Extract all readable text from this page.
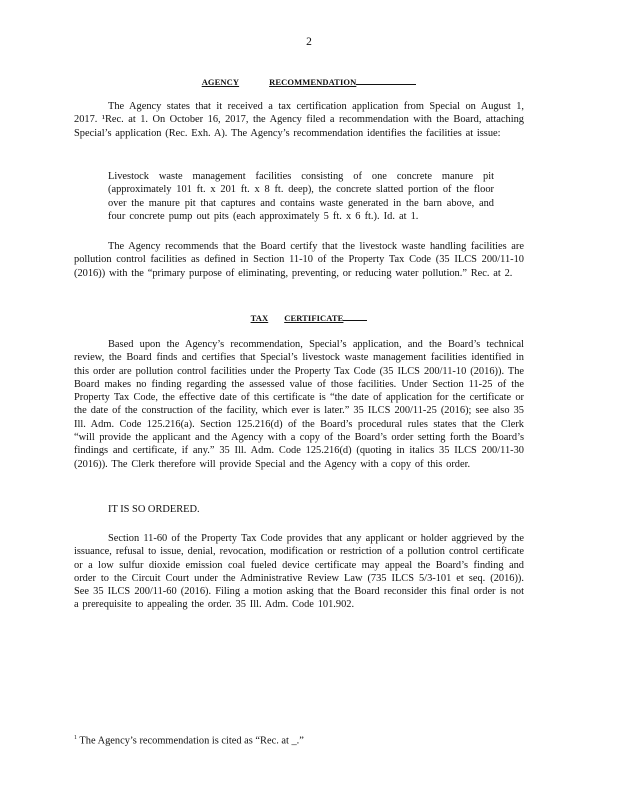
2
AGENCY	RECOMMENDATION

The Agency states that it received a tax certification application from Special on August 1, 2017. ¹Rec. at 1. On October 16, 2017, the Agency filed a recommendation with the Board, attaching Special’s application (Rec. Exh. A). The Agency’s recommendation identifies the facilities at issue:

Livestock waste management facilities consisting of one concrete manure pit (approximately 101 ft. x 201 ft. x 8 ft. deep), the concrete slatted portion of the floor over the manure pit that captures and contains waste generated in the barn above, and four concrete pump out pits (each approximately 5 ft. x 6 ft.). Id. at 1.

The Agency recommends that the Board certify that the livestock waste handling facilities are pollution control facilities as defined in Section 11-10 of the Property Tax Code (35 ILCS 200/11-10 (2016)) with the “primary purpose of eliminating, preventing, or reducing water pollution.” Rec. at 2.

TAX CERTIFICATE

Based upon the Agency’s recommendation, Special’s application, and the Board’s technical review, the Board finds and certifies that Special’s livestock waste management facilities identified in this order are pollution control facilities under the Property Tax Code (35 ILCS 200/11-10 (2016)). The Board makes no finding regarding the assessed value of those facilities. Under Section 11-25 of the Property Tax Code, the effective date of this certificate is “the date of application for the certificate or the date of the construction of the facility, which ever is later.” 35 ILCS 200/11-25 (2016); see also 35 Ill. Adm. Code 125.216(a). Section 125.216(d) of the Board’s procedural rules states that the Clerk “will provide the applicant and the Agency with a copy of the Board’s order setting forth the Board’s findings and certificate, if any.” 35 Ill. Adm. Code 125.216(d) (quoting in italics 35 ILCS 200/11-30 (2016)). The Clerk therefore will provide Special and the Agency with a copy of this order.

IT IS SO ORDERED.

Section 11-60 of the Property Tax Code provides that any applicant or holder aggrieved by the issuance, refusal to issue, denial, revocation, modification or restriction of a pollution control certificate or a low sulfur dioxide emission coal fueled device certificate may appeal the Board’s finding and order to the Circuit Court under the Administrative Review Law (735 ILCS 5/3-101 et seq. (2016)). See 35 ILCS 200/11-60 (2016). Filing a motion asking that the Board reconsider this final order is not a prerequisite to appealing the order. 35 Ill. Adm. Code 101.902.

$^1$ The Agency’s recommendation is cited as “Rec. at _.”
